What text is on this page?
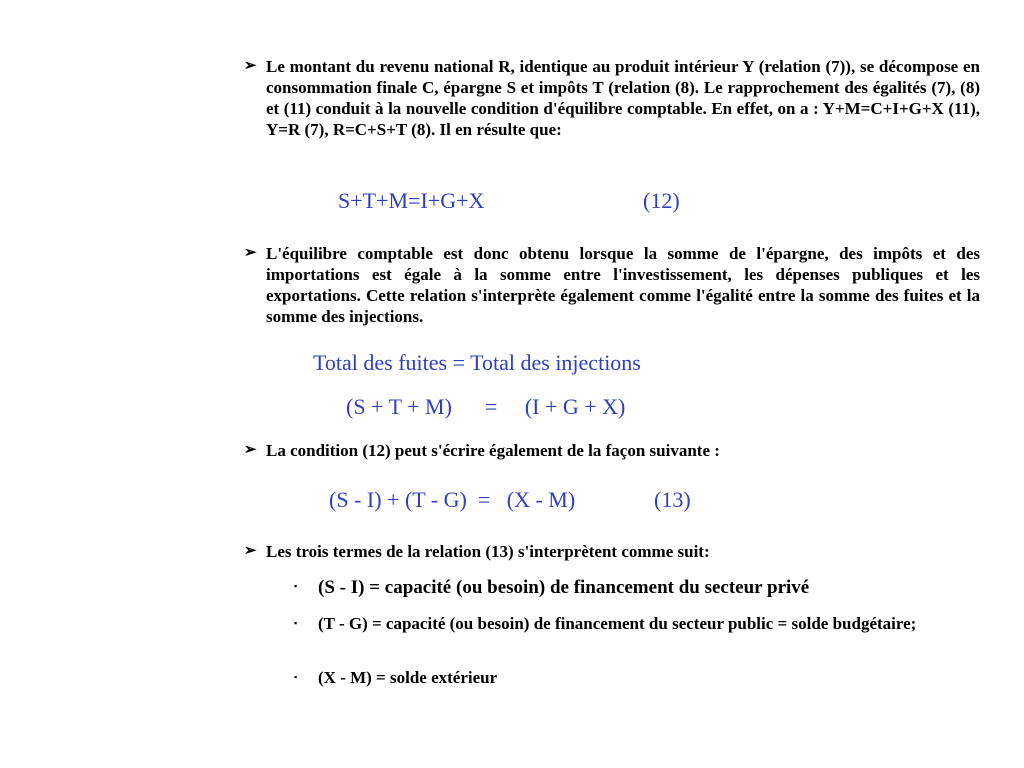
➢ Le montant du revenu national R, identique au produit intérieur Y (relation (7)), se décompose en consommation finale C, épargne S et impôts T (relation (8). Le rapprochement des égalités (7), (8) et (11) conduit à la nouvelle condition d'équilibre comptable. En effet, on a : Y+M=C+I+G+X (11), Y=R (7), R=C+S+T (8). Il en résulte que:
S+T+M=I+G+X	(12)
➢ L'équilibre comptable est donc obtenu lorsque la somme de l'épargne, des impôts et des importations est égale à la somme entre l'investissement, les dépenses publiques et les exportations. Cette relation s'interprète également comme l'égalité entre la somme des fuites et la somme des injections.
Total des fuites = Total des injections
(S + T + M)      =     (I + G + X)
➢ La condition (12) peut s'écrire également de la façon suivante :
(S - I) + (T - G)  =   (X - M)	(13)
➢ Les trois termes de la relation (13) s'interprètent comme suit:
▪	(S - I) = capacité (ou besoin) de financement du secteur privé
▪	(T - G) = capacité (ou besoin) de financement du secteur public = solde budgétaire;
▪	(X - M) = solde extérieur
